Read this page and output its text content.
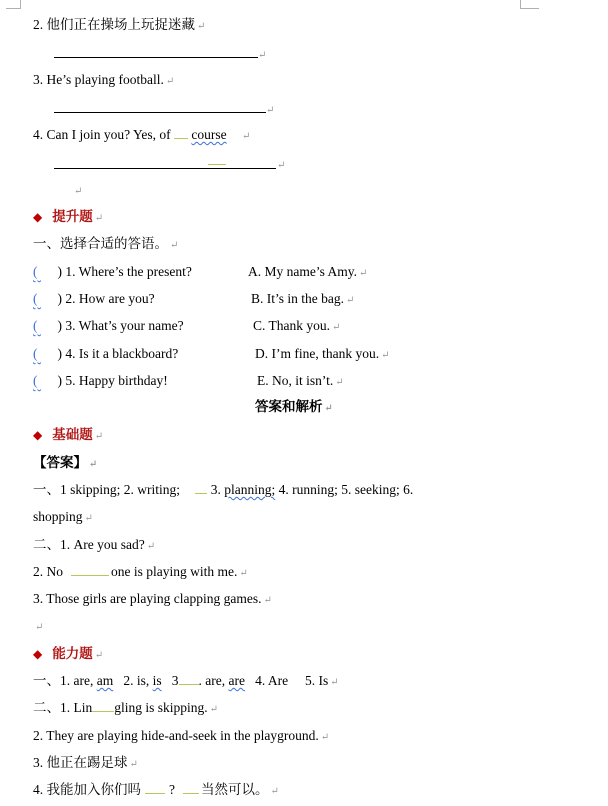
2. 他们正在操场上玩捉迷藏 ↵
↵
3. He’s playing football. ↵
↵
4. Can I join you? Yes, of course ↵
↵
↵
◆ 提升题 ↵
一、选择合适的答语。 ↵
( ) 1. Where’s the present?	A. My name’s Amy. ↵
( ) 2. How are you?	B. It’s in the bag. ↵
( ) 3. What’s your name?	C. Thank you. ↵
( ) 4. Is it a blackboard?	D. I’m fine, thank you. ↵
( ) 5. Happy birthday!	E. No, it isn’t. ↵
答案和解析 ↵
◆ 基础题 ↵
【答案】 ↵
一、1 skipping; 2. writing; 3. planning; 4. running; 5. seeking; 6.
shopping ↵
二、1. Are you sad? ↵
2. No	one is playing with me. ↵
3. Those girls are playing clapping games. ↵
↵
◆ 能力题 ↵
一、1. are, am 2. is, is 3 . are, are 4. Are 5. Is ↵
二、1. Lin gling is skipping. ↵
2. They are playing hide-and-seek in the playground. ↵
3. 他正在踢足球 ↵
4. 我能加入你们吗 ? 当然可以。 ↵
